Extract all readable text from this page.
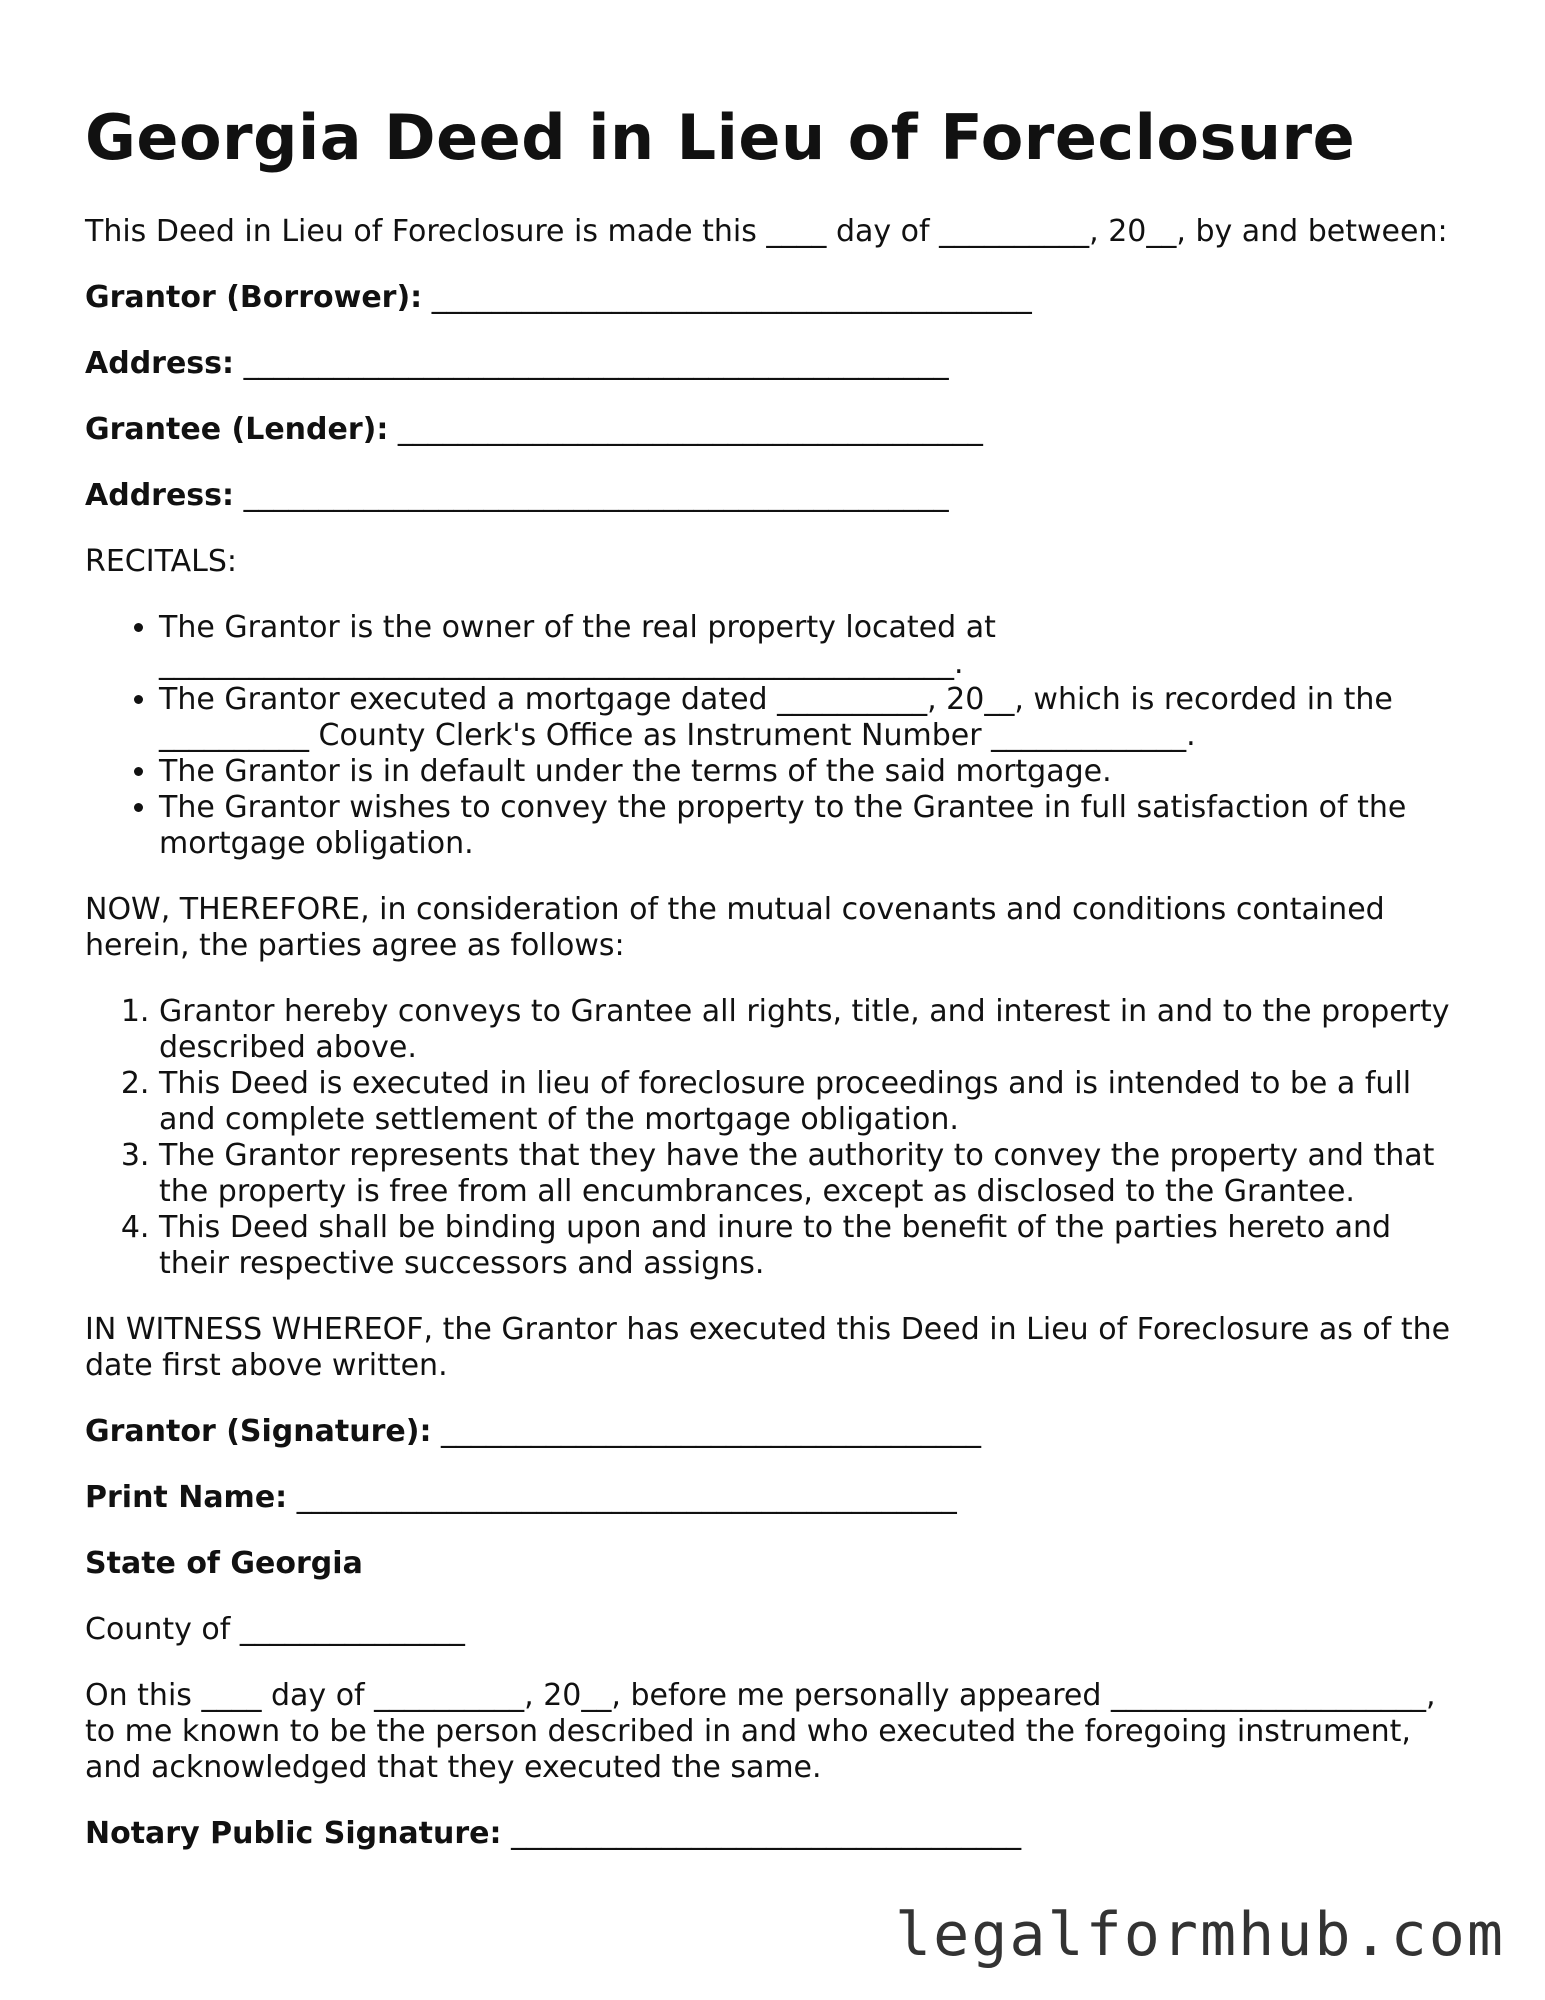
Georgia Deed in Lieu of Foreclosure
This Deed in Lieu of Foreclosure is made this ____ day of __________, 20__, by and between:
Grantor (Borrower): ________________________________________
Address: _______________________________________________
Grantee (Lender): _______________________________________
Address: _______________________________________________
RECITALS:
• The Grantor is the owner of the real property located at _____________________________________________________.
• The Grantor executed a mortgage dated __________, 20__, which is recorded in the __________ County Clerk's Office as Instrument Number _____________.
• The Grantor is in default under the terms of the said mortgage.
• The Grantor wishes to convey the property to the Grantee in full satisfaction of the mortgage obligation.
NOW, THEREFORE, in consideration of the mutual covenants and conditions contained herein, the parties agree as follows:
1. Grantor hereby conveys to Grantee all rights, title, and interest in and to the property described above.
2. This Deed is executed in lieu of foreclosure proceedings and is intended to be a full and complete settlement of the mortgage obligation.
3. The Grantor represents that they have the authority to convey the property and that the property is free from all encumbrances, except as disclosed to the Grantee.
4. This Deed shall be binding upon and inure to the benefit of the parties hereto and their respective successors and assigns.
IN WITNESS WHEREOF, the Grantor has executed this Deed in Lieu of Foreclosure as of the date first above written.
Grantor (Signature): ____________________________________
Print Name: ____________________________________________
State of Georgia
County of _______________
On this ____ day of __________, 20__, before me personally appeared _____________________, to me known to be the person described in and who executed the foregoing instrument, and acknowledged that they executed the same.
Notary Public Signature: __________________________________
legalformhub.com
